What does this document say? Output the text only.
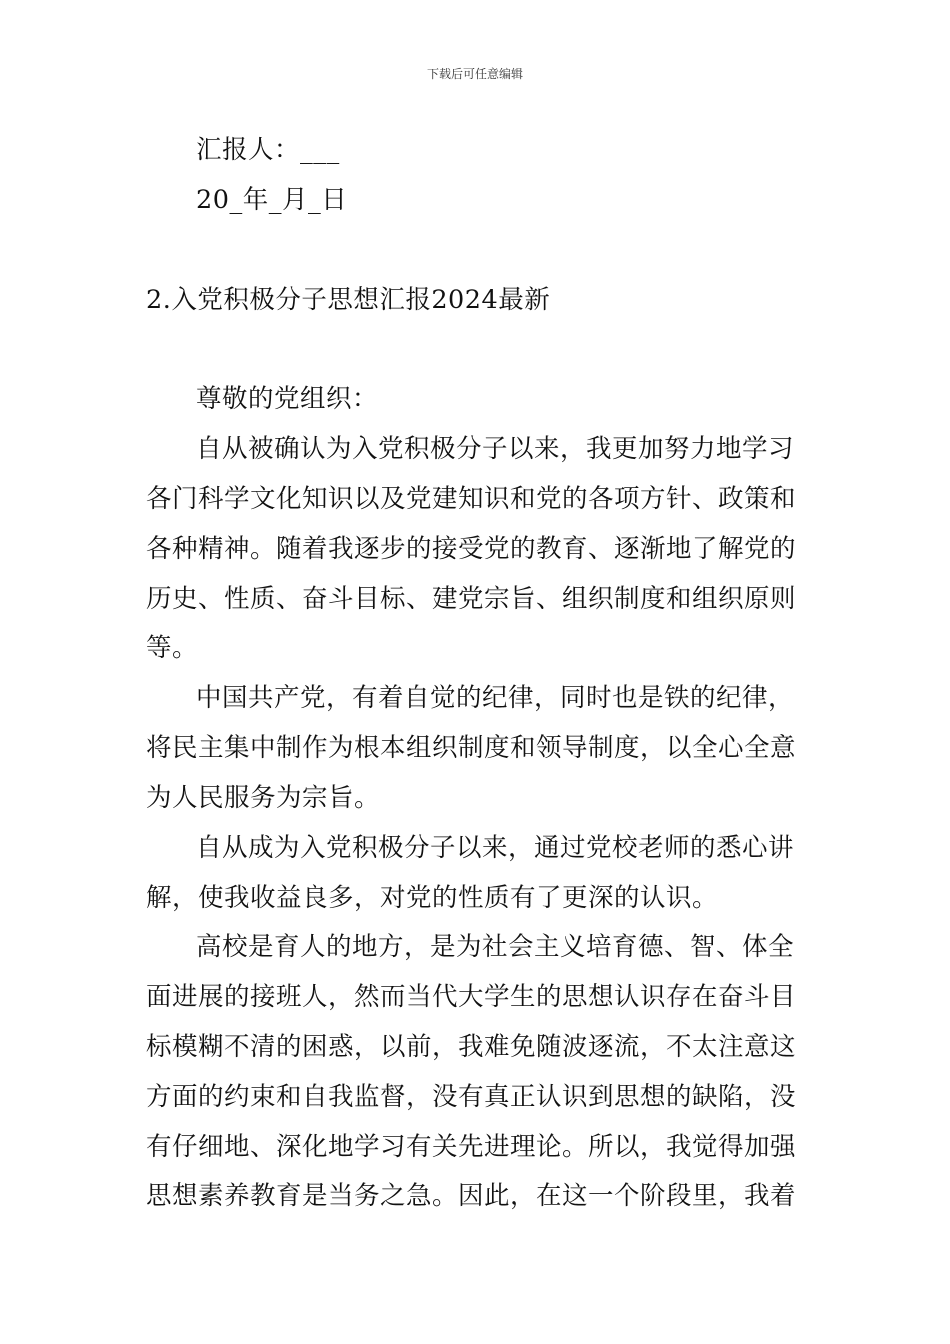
下载后可任意编辑
汇报人：___
20_年_月_日
2.入党积极分子思想汇报2024最新
尊敬的党组织：
自从被确认为入党积极分子以来，我更加努力地学习
各门科学文化知识以及党建知识和党的各项方针、政策和
各种精神。随着我逐步的接受党的教育、逐渐地了解党的
历史、性质、奋斗目标、建党宗旨、组织制度和组织原则
等。
中国共产党，有着自觉的纪律，同时也是铁的纪律，
将民主集中制作为根本组织制度和领导制度，以全心全意
为人民服务为宗旨。
自从成为入党积极分子以来，通过党校老师的悉心讲
解，使我收益良多，对党的性质有了更深的认识。
高校是育人的地方，是为社会主义培育德、智、体全
面进展的接班人，然而当代大学生的思想认识存在奋斗目
标模糊不清的困惑，以前，我难免随波逐流，不太注意这
方面的约束和自我监督，没有真正认识到思想的缺陷，没
有仔细地、深化地学习有关先进理论。所以，我觉得加强
思想素养教育是当务之急。因此，在这一个阶段里，我着
